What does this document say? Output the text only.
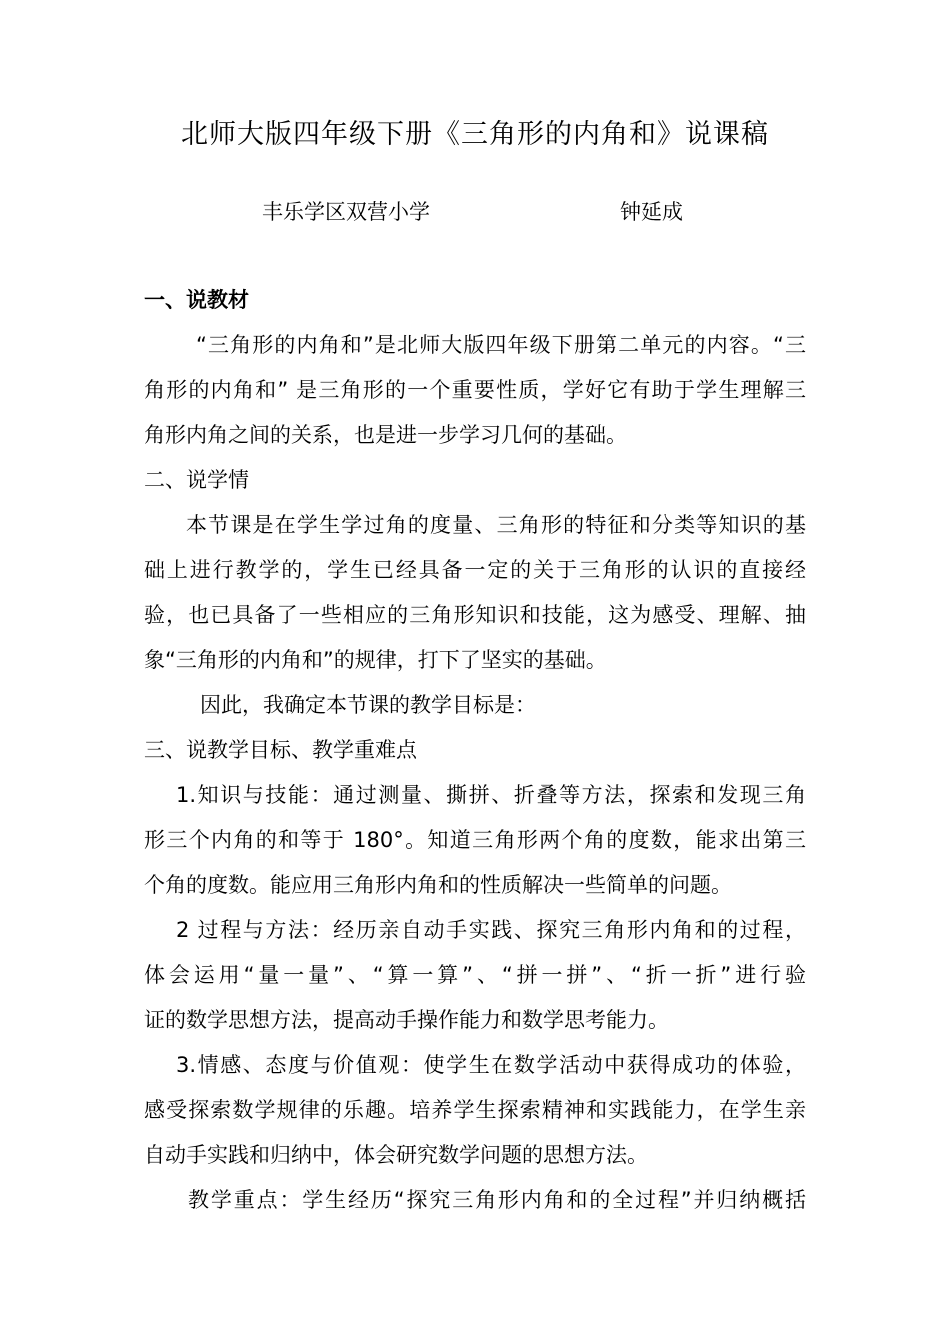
北师大版四年级下册《三角形的内角和》说课稿
丰乐学区双营小学	钟延成
一、说教材
“三角形的内角和”是北师大版四年级下册第二单元的内容。“三
角形的内角和” 是三角形的一个重要性质，学好它有助于学生理解三
角形内角之间的关系，也是进一步学习几何的基础。
二、说学情
本节课是在学生学过角的度量、三角形的特征和分类等知识的基
础上进行教学的，学生已经具备一定的关于三角形的认识的直接经
验，也已具备了一些相应的三角形知识和技能，这为感受、理解、抽
象“三角形的内角和”的规律，打下了坚实的基础。
因此，我确定本节课的教学目标是：
三、说教学目标、教学重难点
1.知识与技能：通过测量、撕拼、折叠等方法，探索和发现三角
形三个内角的和等于 180°。知道三角形两个角的度数，能求出第三
个角的度数。能应用三角形内角和的性质解决一些简单的问题。
2 过程与方法：经历亲自动手实践、探究三角形内角和的过程，
体会运用“量一量”、“算一算”、“拼一拼”、“折一折”进行验
证的数学思想方法，提高动手操作能力和数学思考能力。
3.情感、态度与价值观：使学生在数学活动中获得成功的体验，
感受探索数学规律的乐趣。培养学生探索精神和实践能力，在学生亲
自动手实践和归纳中，体会研究数学问题的思想方法。
教学重点：学生经历“探究三角形内角和的全过程”并归纳概括
